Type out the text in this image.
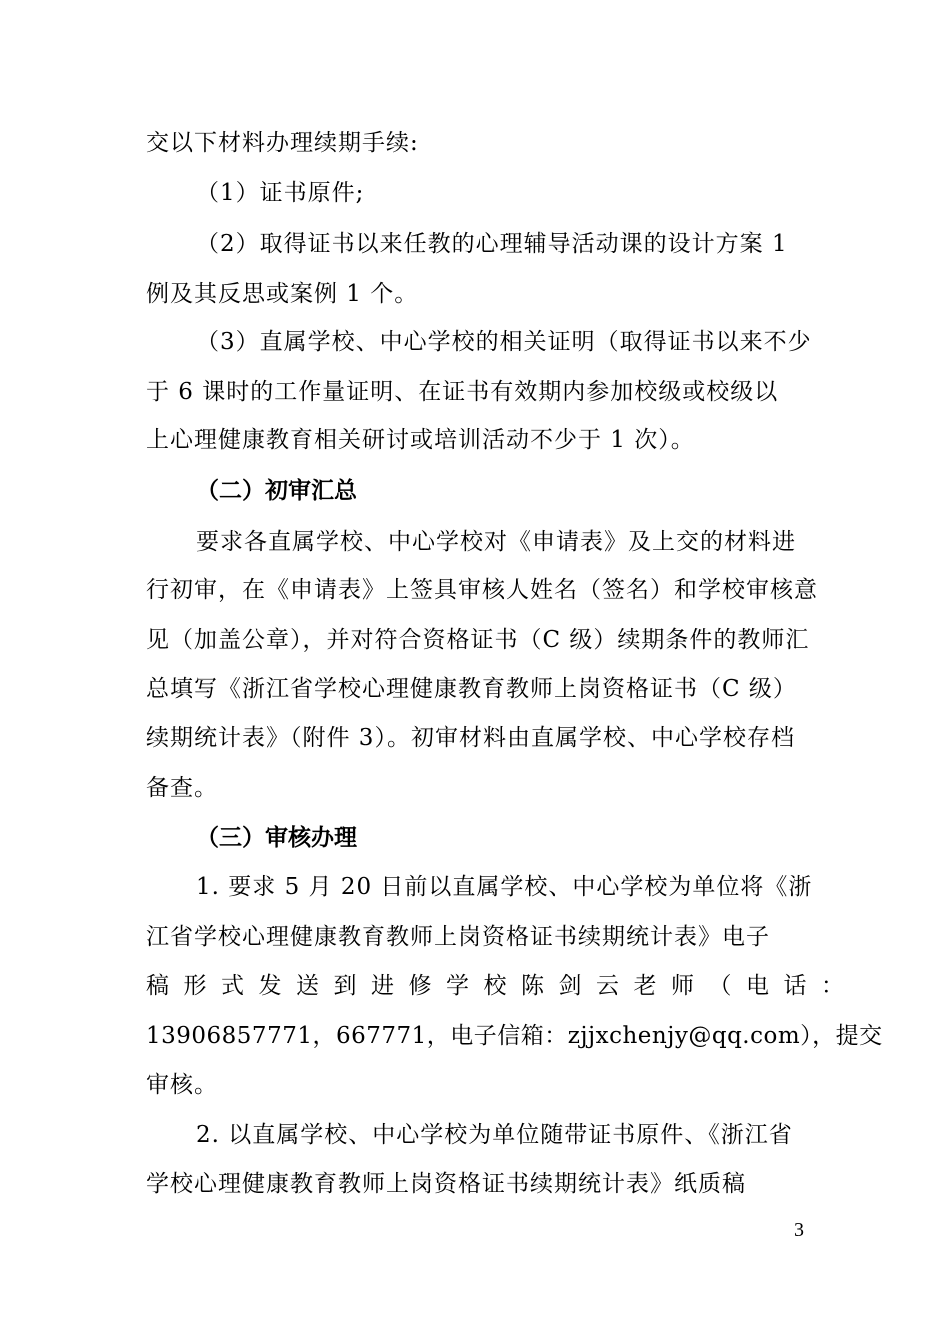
交以下材料办理续期手续:
（1）证书原件;
（2）取得证书以来任教的心理辅导活动课的设计方案 1
例及其反思或案例 1 个。
（3）直属学校、中心学校的相关证明（取得证书以来不少
于 6 课时的工作量证明、在证书有效期内参加校级或校级以
上心理健康教育相关研讨或培训活动不少于 1 次）。
（二）初审汇总
要求各直属学校、中心学校对《申请表》及上交的材料进
行初审，在《申请表》上签具审核人姓名（签名）和学校审核意
见（加盖公章），并对符合资格证书（C 级）续期条件的教师汇
总填写《浙江省学校心理健康教育教师上岗资格证书（C 级）
续期统计表》（附件 3）。初审材料由直属学校、中心学校存档
备查。
（三）审核办理
1. 要求 5 月 20 日前以直属学校、中心学校为单位将《浙
江省学校心理健康教育教师上岗资格证书续期统计表》电子
稿形式发送到进修学校陈剑云老师（电话：
13906857771，667771，电子信箱：zjjxchenjy@qq.com），提交
审核。
2. 以直属学校、中心学校为单位随带证书原件、《浙江省
学校心理健康教育教师上岗资格证书续期统计表》纸质稿
3
